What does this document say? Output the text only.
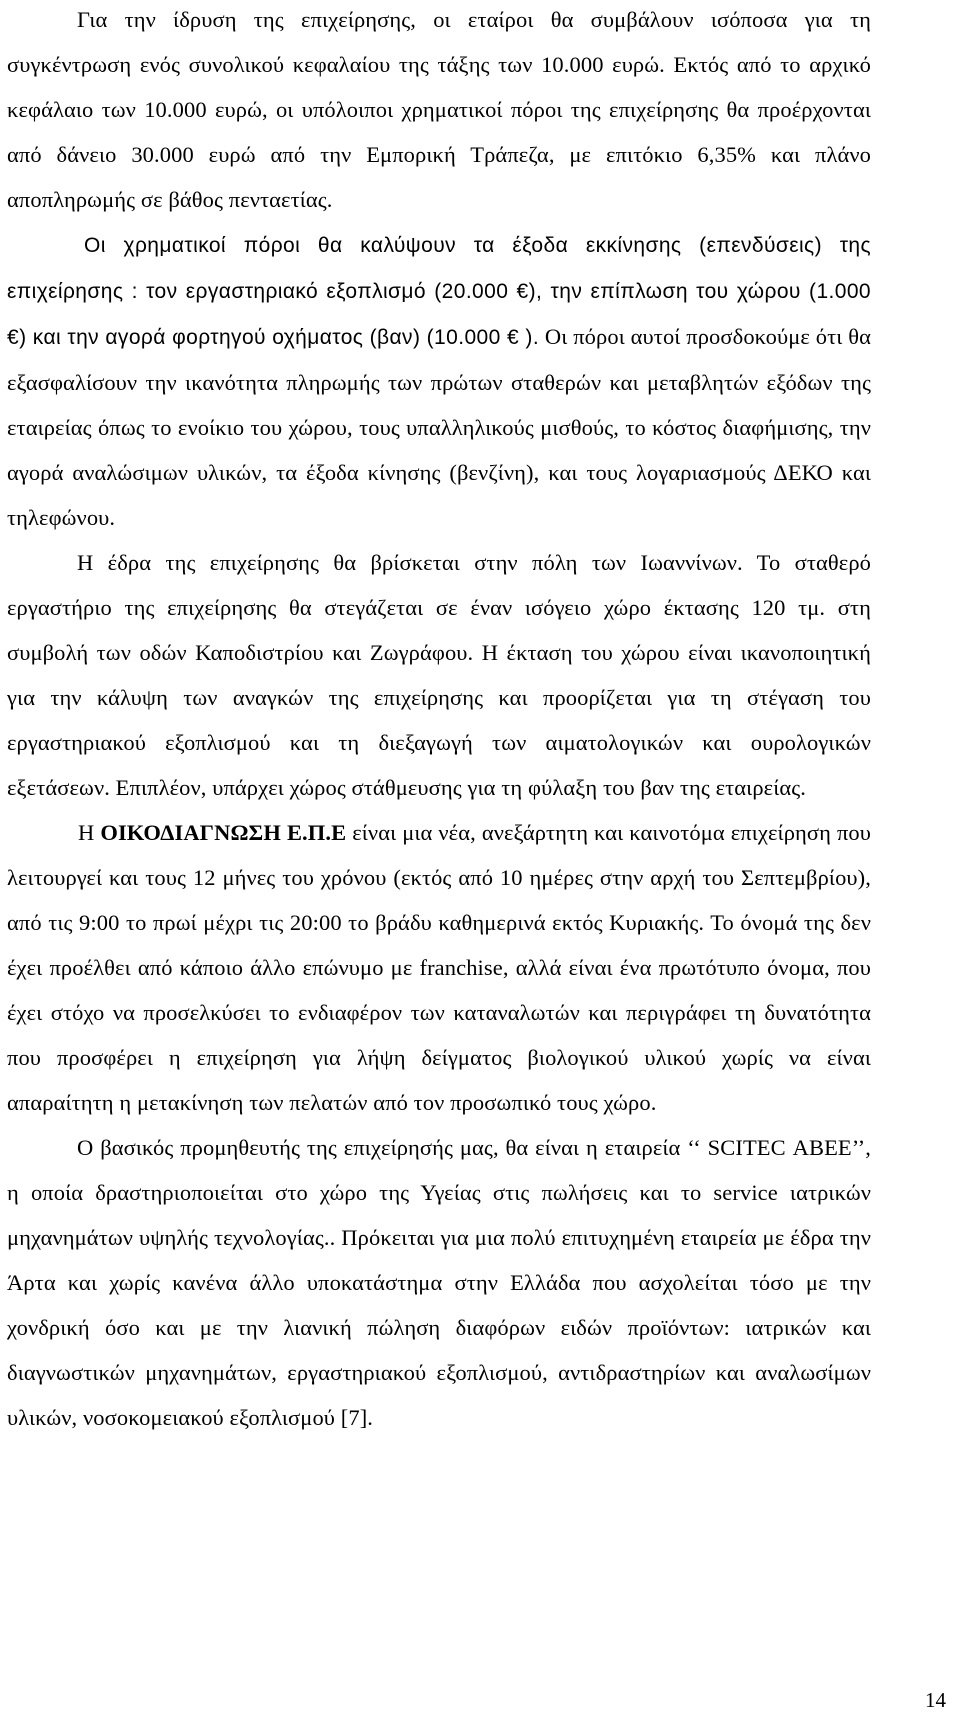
Για την ίδρυση της επιχείρησης, οι εταίροι θα συμβάλουν ισόποσα για τη συγκέντρωση ενός συνολικού κεφαλαίου της τάξης των 10.000 ευρώ. Εκτός από το αρχικό κεφάλαιο των 10.000 ευρώ, οι υπόλοιποι χρηματικοί πόροι της επιχείρησης θα προέρχονται από δάνειο 30.000 ευρώ από την Εμπορική Τράπεζα, με επιτόκιο 6,35% και πλάνο αποπληρωμής σε βάθος πενταετίας.

Οι χρηματικοί πόροι θα καλύψουν τα έξοδα εκκίνησης (επενδύσεις) της επιχείρησης : τον εργαστηριακό εξοπλισμό (20.000 €), την επίπλωση του χώρου (1.000 €) και την αγορά φορτηγού οχήματος (βαν) (10.000 € ). Οι πόροι αυτοί προσδοκούμε ότι θα εξασφαλίσουν την ικανότητα πληρωμής των πρώτων σταθερών και μεταβλητών εξόδων της εταιρείας όπως το ενοίκιο του χώρου, τους υπαλληλικούς μισθούς, το κόστος διαφήμισης, την αγορά αναλώσιμων υλικών, τα έξοδα κίνησης (βενζίνη), και τους λογαριασμούς ΔΕΚΟ και τηλεφώνου.

Η έδρα της επιχείρησης θα βρίσκεται στην πόλη των Ιωαννίνων. Το σταθερό εργαστήριο της επιχείρησης θα στεγάζεται σε έναν ισόγειο χώρο έκτασης 120 τμ. στη συμβολή των οδών Καποδιστρίου και Ζωγράφου. Η έκταση του χώρου είναι ικανοποιητική για την κάλυψη των αναγκών της επιχείρησης και προορίζεται για τη στέγαση του εργαστηριακού εξοπλισμού και τη διεξαγωγή των αιματολογικών και ουρολογικών εξετάσεων. Επιπλέον, υπάρχει χώρος στάθμευσης για τη φύλαξη του βαν της εταιρείας.

Η ΟΙΚΟΔΙΑΓΝΩΣΗ Ε.Π.Ε είναι μια νέα, ανεξάρτητη και καινοτόμα επιχείρηση που λειτουργεί και τους 12 μήνες του χρόνου (εκτός από 10 ημέρες στην αρχή του Σεπτεμβρίου), από τις 9:00 το πρωί μέχρι τις 20:00 το βράδυ καθημερινά εκτός Κυριακής. Το όνομά της δεν έχει προέλθει από κάποιο άλλο επώνυμο με franchise, αλλά είναι ένα πρωτότυπο όνομα, που έχει στόχο να προσελκύσει το ενδιαφέρον των καταναλωτών και περιγράφει τη δυνατότητα που προσφέρει η επιχείρηση για λήψη δείγματος βιολογικού υλικού χωρίς να είναι απαραίτητη η μετακίνηση των πελατών από τον προσωπικό τους χώρο.

Ο βασικός προμηθευτής της επιχείρησής μας, θα είναι η εταιρεία ‘‘ SCITEC ΑΒΕΕ’’, η οποία δραστηριοποιείται στο χώρο της Υγείας στις πωλήσεις και το service ιατρικών μηχανημάτων υψηλής τεχνολογίας.. Πρόκειται για μια πολύ επιτυχημένη εταιρεία με έδρα την Άρτα και χωρίς κανένα άλλο υποκατάστημα στην Ελλάδα που ασχολείται τόσο με την χονδρική όσο και με την λιανική πώληση διαφόρων ειδών προϊόντων: ιατρικών και διαγνωστικών μηχανημάτων, εργαστηριακού εξοπλισμού, αντιδραστηρίων και αναλωσίμων υλικών, νοσοκομειακού εξοπλισμού [7].

14
